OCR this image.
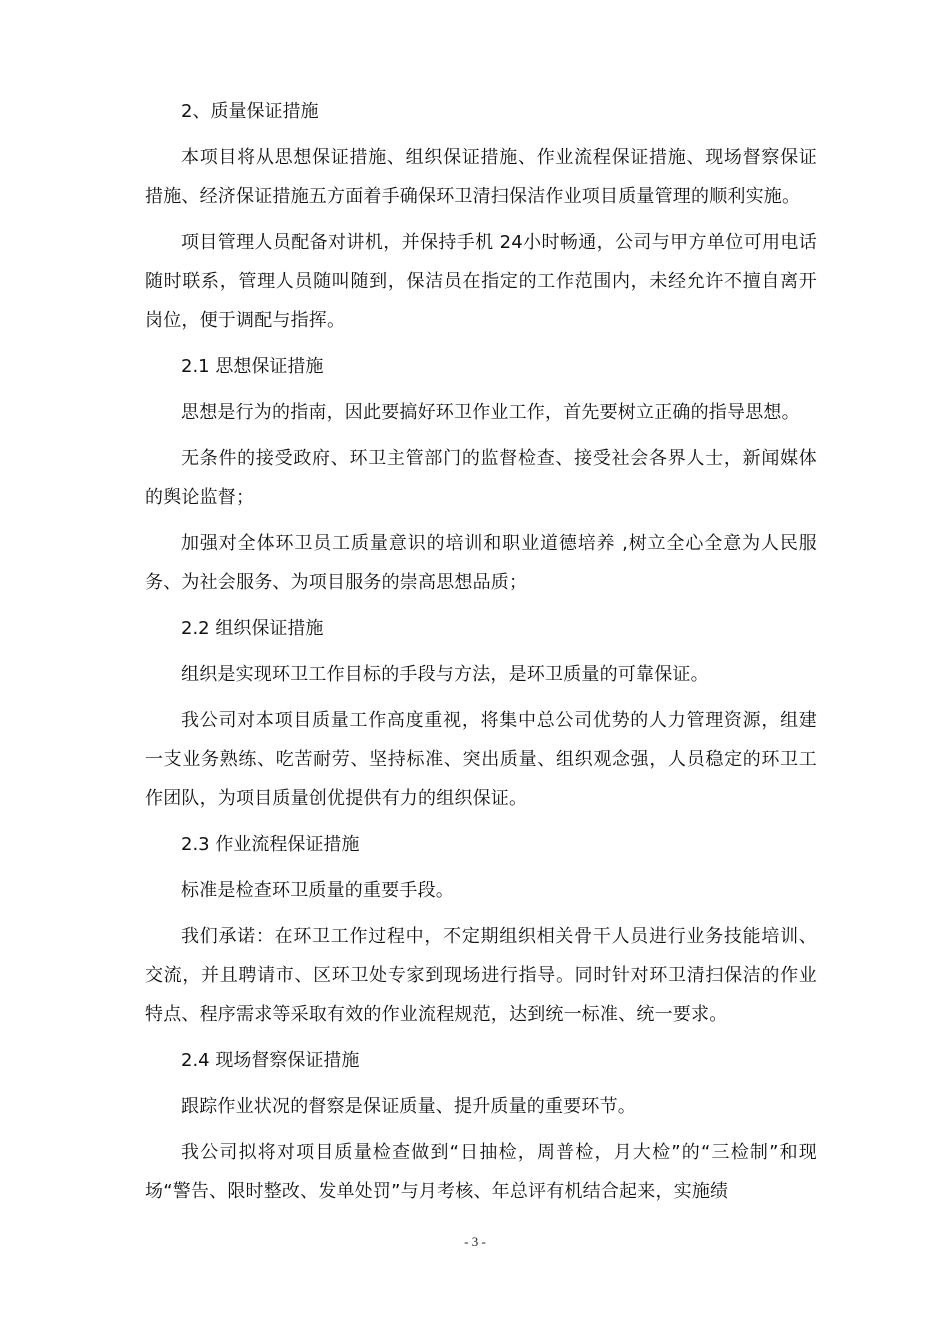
2、质量保证措施

本项目将从思想保证措施、组织保证措施、作业流程保证措施、现场督察保证措施、经济保证措施五方面着手确保环卫清扫保洁作业项目质量管理的顺利实施。

项目管理人员配备对讲机，并保持手机 24小时畅通，公司与甲方单位可用电话随时联系，管理人员随叫随到，保洁员在指定的工作范围内，未经允许不擅自离开岗位，便于调配与指挥。

2.1 思想保证措施

思想是行为的指南，因此要搞好环卫作业工作，首先要树立正确的指导思想。

无条件的接受政府、环卫主管部门的监督检查、接受社会各界人士，新闻媒体的舆论监督；

加强对全体环卫员工质量意识的培训和职业道德培养 ,树立全心全意为人民服务、为社会服务、为项目服务的崇高思想品质；

2.2 组织保证措施

组织是实现环卫工作目标的手段与方法，是环卫质量的可靠保证。

我公司对本项目质量工作高度重视，将集中总公司优势的人力管理资源，组建一支业务熟练、吃苦耐劳、坚持标准、突出质量、组织观念强，人员稳定的环卫工作团队，为项目质量创优提供有力的组织保证。

2.3 作业流程保证措施

标准是检查环卫质量的重要手段。

我们承诺：在环卫工作过程中，不定期组织相关骨干人员进行业务技能培训、交流，并且聘请市、区环卫处专家到现场进行指导。同时针对环卫清扫保洁的作业特点、程序需求等采取有效的作业流程规范，达到统一标准、统一要求。

2.4 现场督察保证措施

跟踪作业状况的督察是保证质量、提升质量的重要环节。

我公司拟将对项目质量检查做到“日抽检，周普检，月大检”的“三检制”和现场“警告、限时整改、发单处罚”与月考核、年总评有机结合起来，实施绩

- 3 -
